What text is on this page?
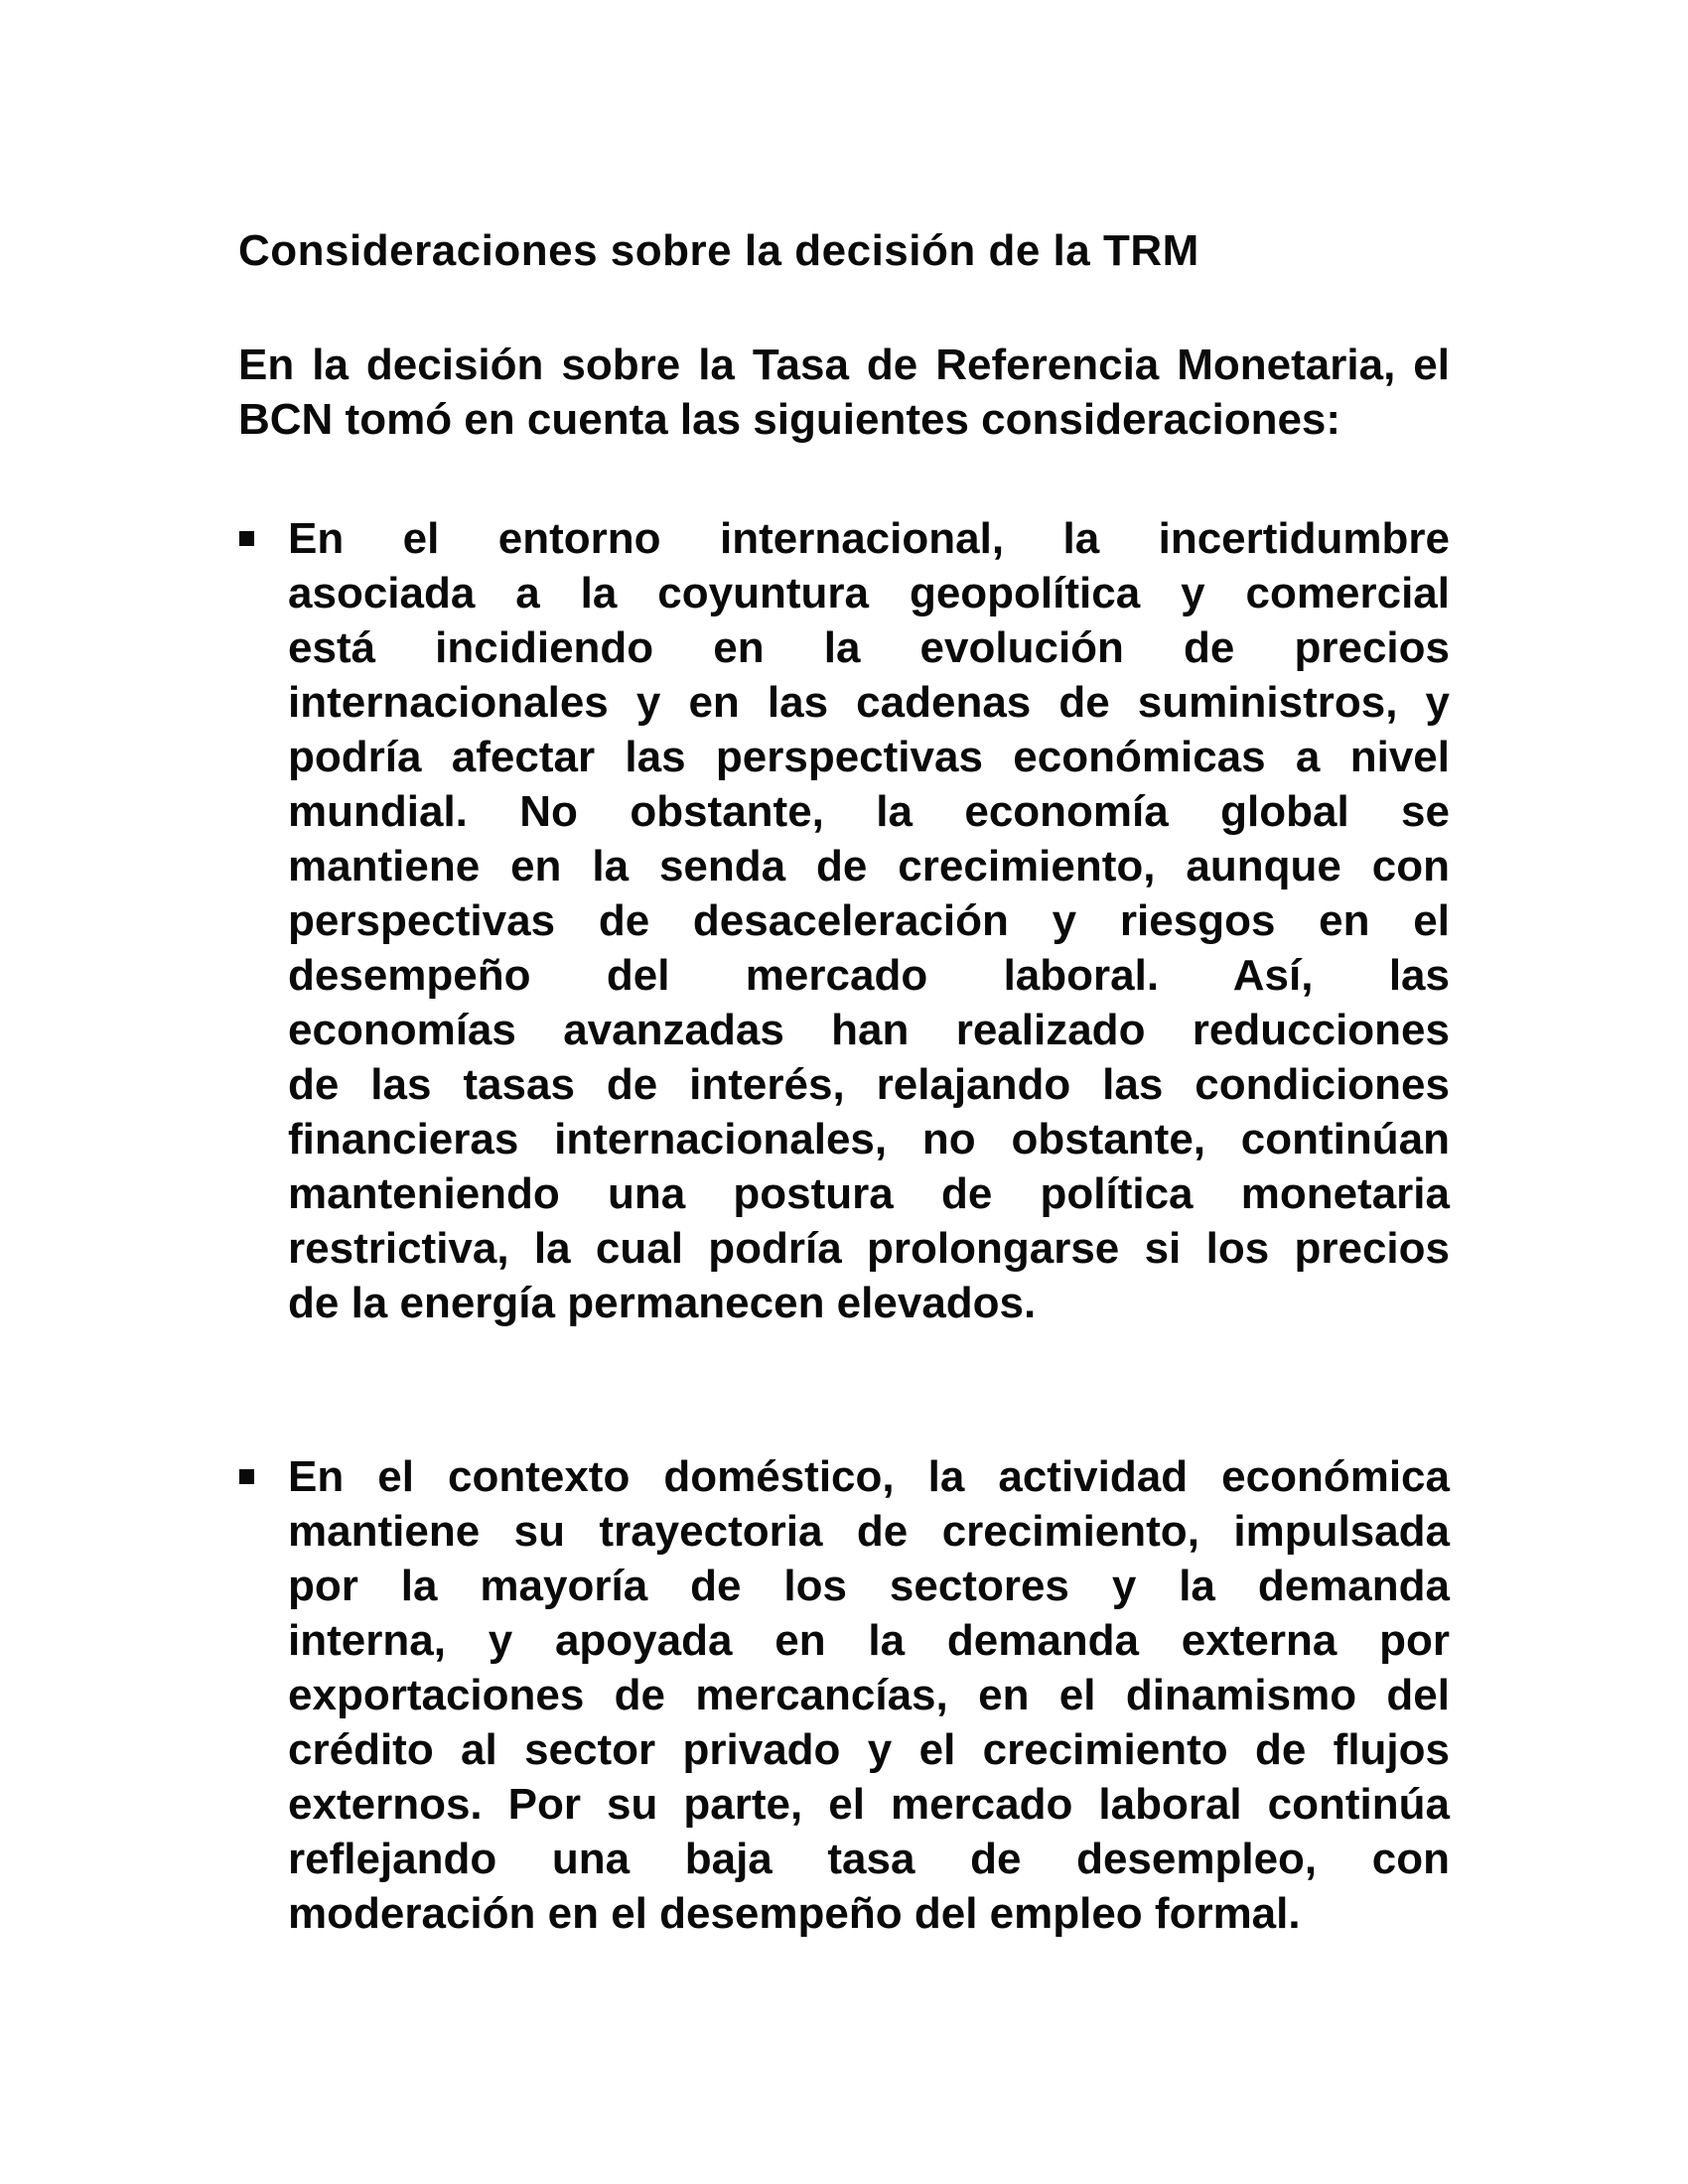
Consideraciones sobre la decisión de la TRM
En la decisión sobre la Tasa de Referencia Monetaria, el
BCN tomó en cuenta las siguientes consideraciones:
En el entorno internacional, la incertidumbre
asociada a la coyuntura geopolítica y comercial
está incidiendo en la evolución de precios
internacionales y en las cadenas de suministros, y
podría afectar las perspectivas económicas a nivel
mundial. No obstante, la economía global se
mantiene en la senda de crecimiento, aunque con
perspectivas de desaceleración y riesgos en el
desempeño del mercado laboral. Así, las
economías avanzadas han realizado reducciones
de las tasas de interés, relajando las condiciones
financieras internacionales, no obstante, continúan
manteniendo una postura de política monetaria
restrictiva, la cual podría prolongarse si los precios
de la energía permanecen elevados.
En el contexto doméstico, la actividad económica
mantiene su trayectoria de crecimiento, impulsada
por la mayoría de los sectores y la demanda
interna, y apoyada en la demanda externa por
exportaciones de mercancías, en el dinamismo del
crédito al sector privado y el crecimiento de flujos
externos. Por su parte, el mercado laboral continúa
reflejando una baja tasa de desempleo, con
moderación en el desempeño del empleo formal.
